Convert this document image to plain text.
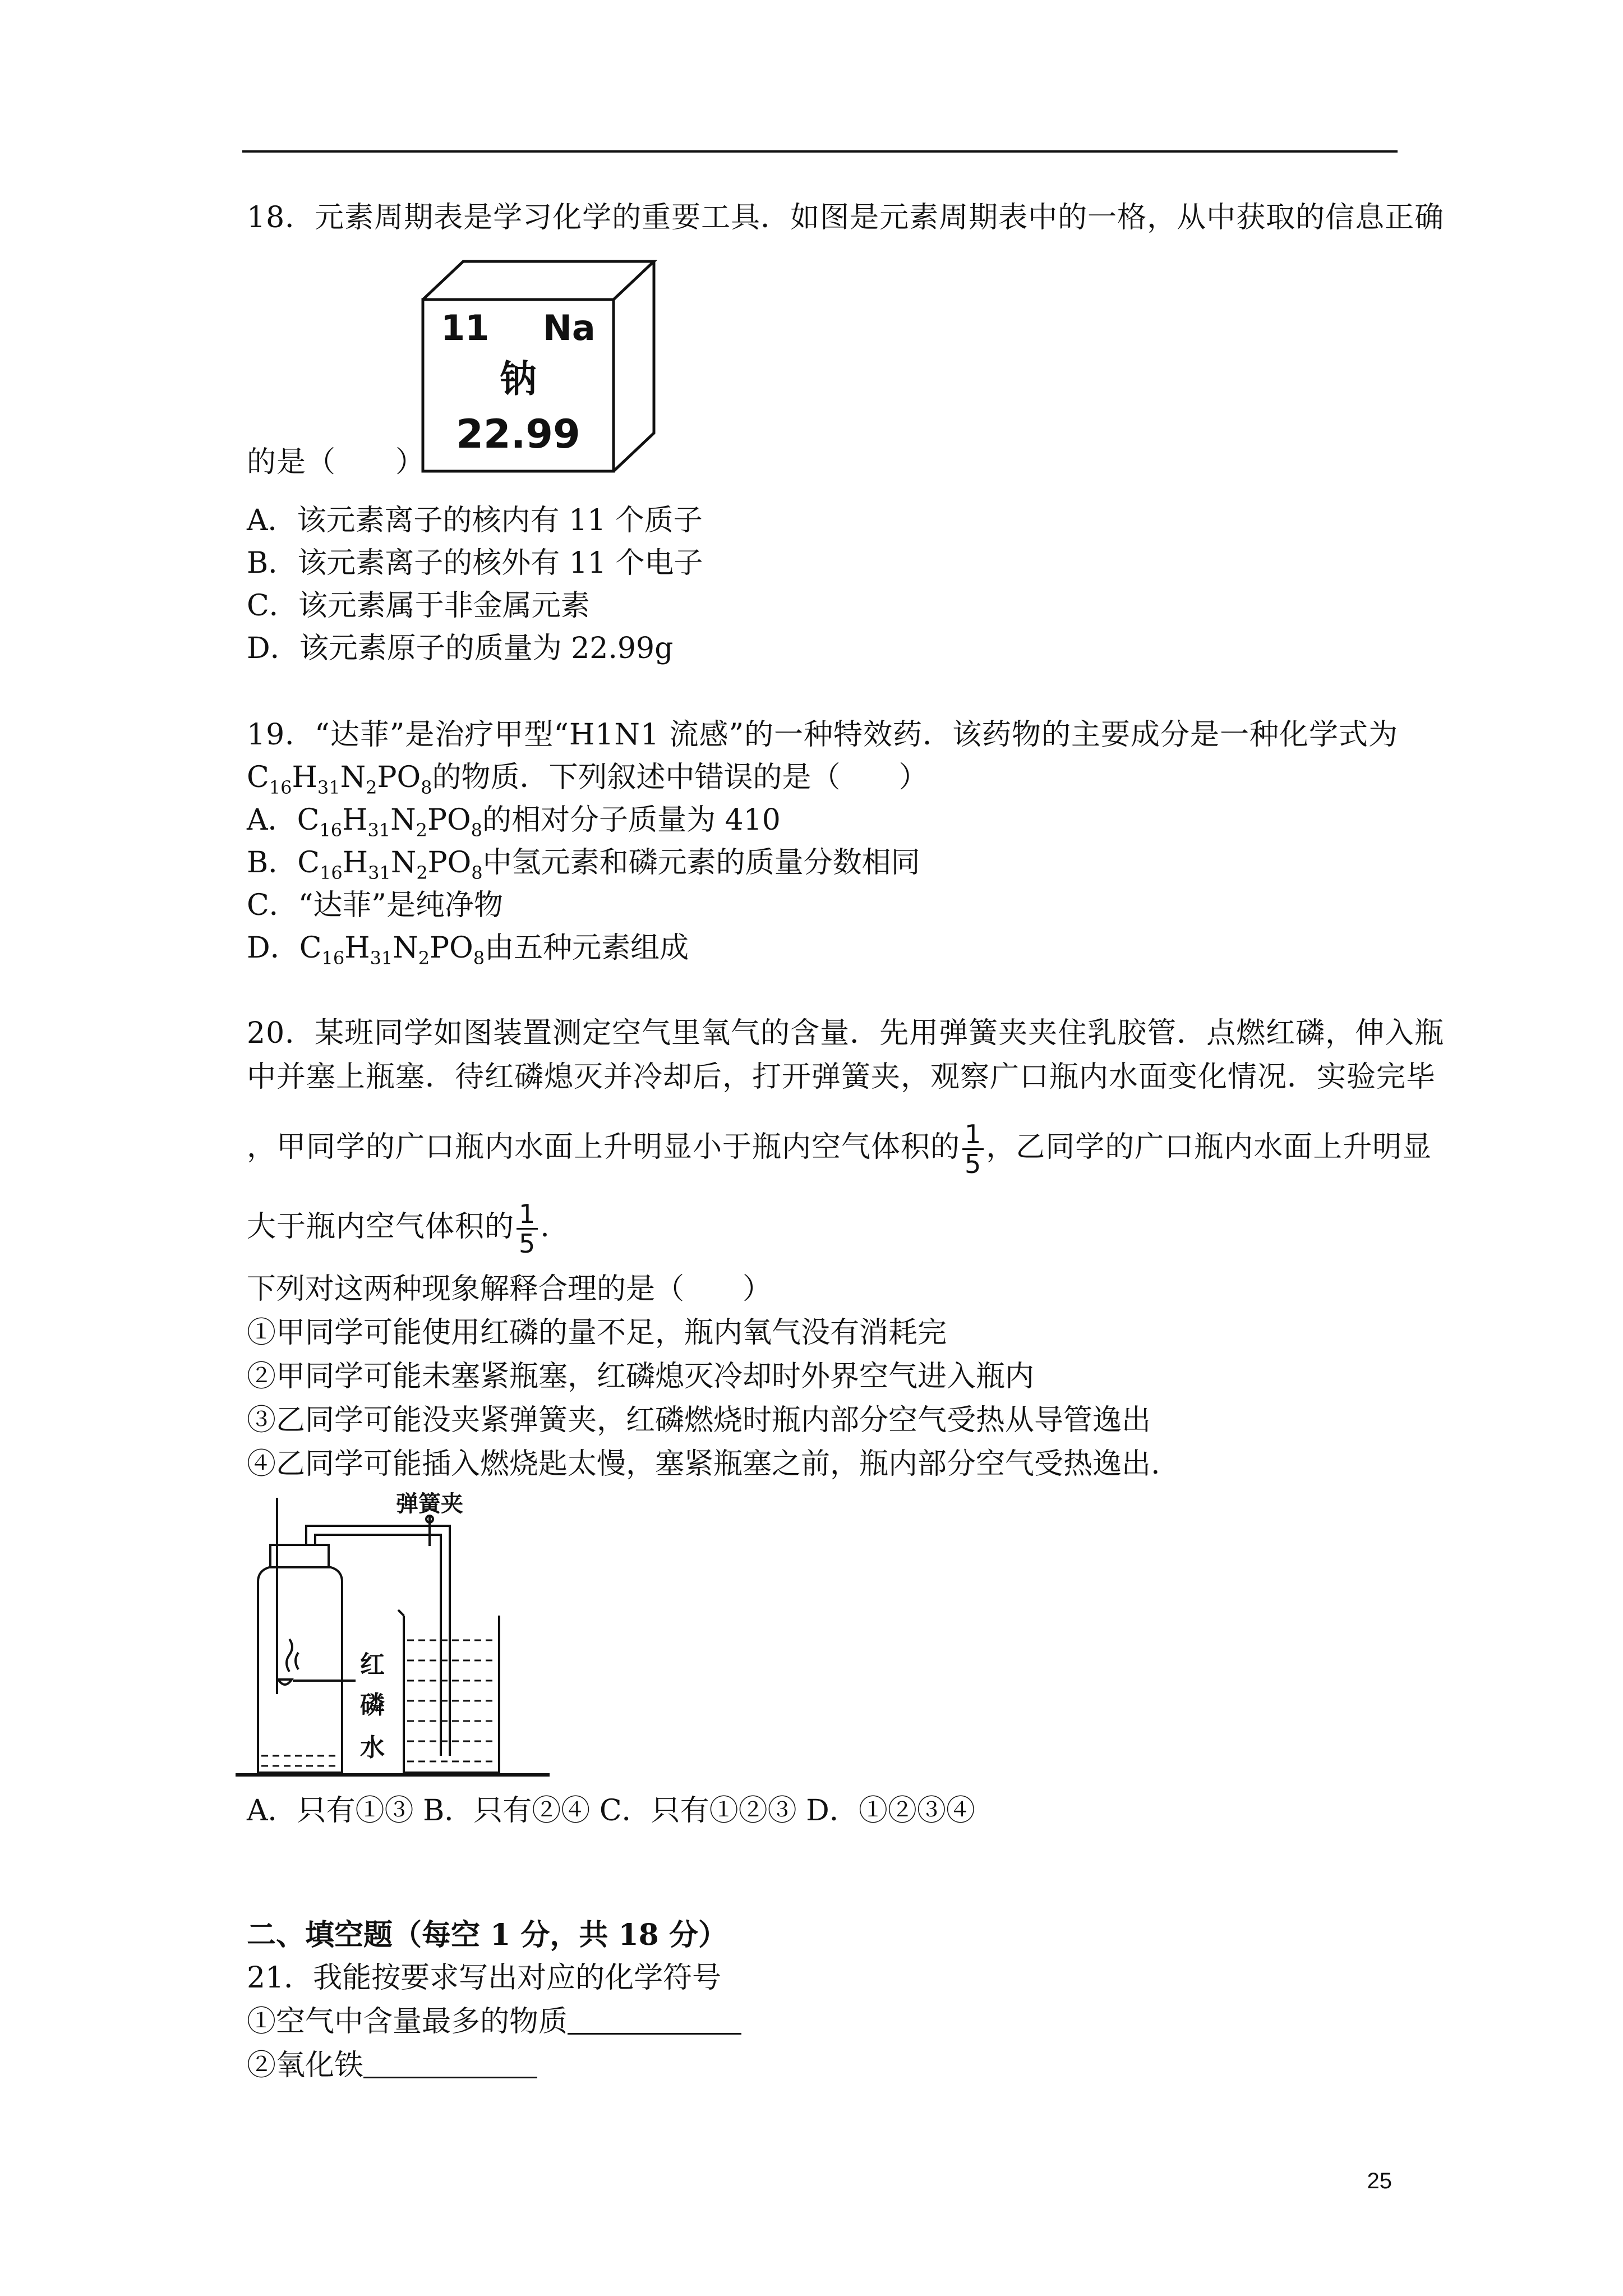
18．元素周期表是学习化学的重要工具．如图是元素周期表中的一格，从中获取的信息正确
11 Na
钠
22.99
的是（　　）
A．该元素离子的核内有 11 个质子
B．该元素离子的核外有 11 个电子
C．该元素属于非金属元素
D．该元素原子的质量为 22.99g
19．“达菲”是治疗甲型“H1N1 流感”的一种特效药．该药物的主要成分是一种化学式为
$C_{16}H_{31}N_2PO_8$的物质．下列叙述中错误的是（　　）
A．$C_{16}H_{31}N_2PO_8$的相对分子质量为 410
B．$C_{16}H_{31}N_2PO_8$中氢元素和磷元素的质量分数相同
C．“达菲”是纯净物
D．$C_{16}H_{31}N_2PO_8$由五种元素组成
20．某班同学如图装置测定空气里氧气的含量．先用弹簧夹夹住乳胶管．点燃红磷，伸入瓶
中并塞上瓶塞．待红磷熄灭并冷却后，打开弹簧夹，观察广口瓶内水面变化情况．实验完毕
，甲同学的广口瓶内水面上升明显小于瓶内空气体积的 $\frac{1}{5}$ ，乙同学的广口瓶内水面上升明显
大于瓶内空气体积的 $\frac{1}{5}$ .
下列对这两种现象解释合理的是（　　）
①甲同学可能使用红磷的量不足，瓶内氧气没有消耗完
②甲同学可能未塞紧瓶塞，红磷熄灭冷却时外界空气进入瓶内
③乙同学可能没夹紧弹簧夹，红磷燃烧时瓶内部分空气受热从导管逸出
④乙同学可能插入燃烧匙太慢，塞紧瓶塞之前，瓶内部分空气受热逸出.
弹簧夹
红
磷
水
A．只有①③ B．只有②④ C．只有①②③ D．①②③④
二、填空题（每空 1 分，共 18 分）
21．我能按要求写出对应的化学符号
①空气中含量最多的物质
②氧化铁
25
